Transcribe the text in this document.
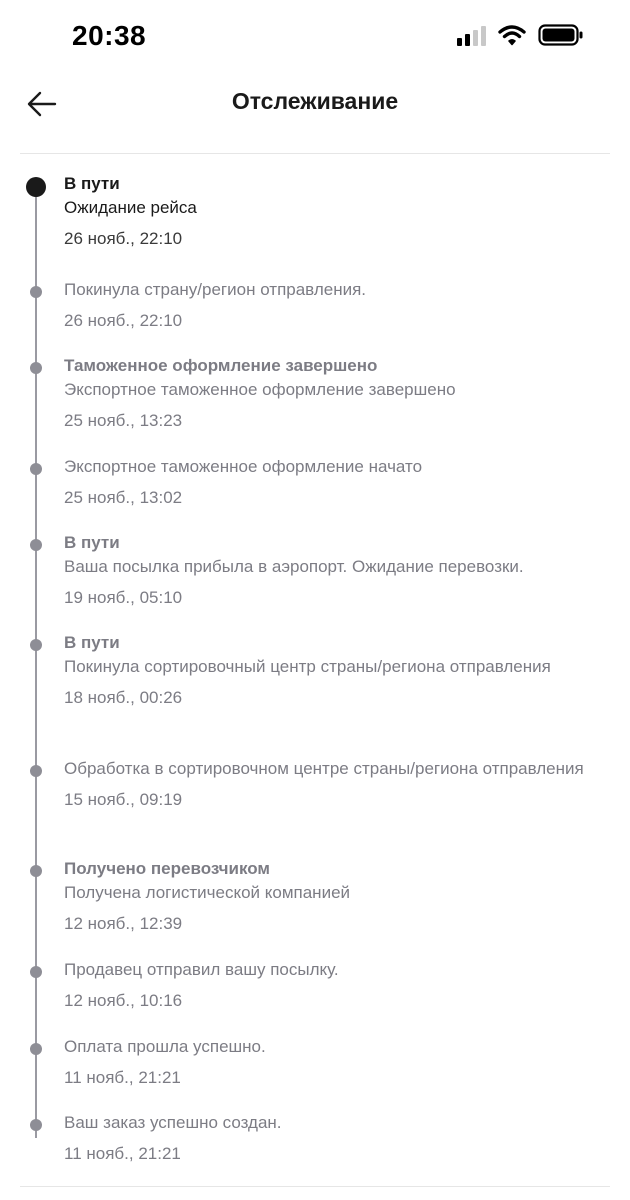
20:38
Отслеживание
В пути
Ожидание рейса
26 нояб., 22:10
Покинула страну/регион отправления.
26 нояб., 22:10
Таможенное оформление завершено
Экспортное таможенное оформление завершено
25 нояб., 13:23
Экспортное таможенное оформление начато
25 нояб., 13:02
В пути
Ваша посылка прибыла в аэропорт. Ожидание перевозки.
19 нояб., 05:10
В пути
Покинула сортировочный центр страны/региона отправления
18 нояб., 00:26
Обработка в сортировочном центре страны/региона отправления
15 нояб., 09:19
Получено перевозчиком
Получена логистической компанией
12 нояб., 12:39
Продавец отправил вашу посылку.
12 нояб., 10:16
Оплата прошла успешно.
11 нояб., 21:21
Ваш заказ успешно создан.
11 нояб., 21:21
